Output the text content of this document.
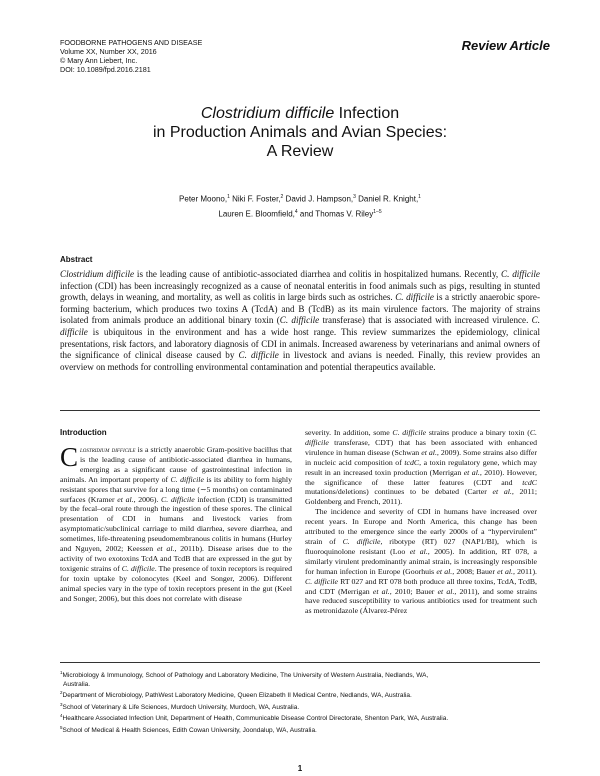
FOODBORNE PATHOGENS AND DISEASE
Volume XX, Number XX, 2016
© Mary Ann Liebert, Inc.
DOI: 10.1089/fpd.2016.2181
Review Article
Clostridium difficile Infection
in Production Animals and Avian Species:
A Review
Peter Moono,$^1$ Niki F. Foster,$^2$ David J. Hampson,$^3$ Daniel R. Knight,$^1$
Lauren E. Bloomfield,$^4$ and Thomas V. Riley$^{1-5}$
Abstract
Clostridium difficile is the leading cause of antibiotic-associated diarrhea and colitis in hospitalized humans. Recently, C. difficile infection (CDI) has been increasingly recognized as a cause of neonatal enteritis in food animals such as pigs, resulting in stunted growth, delays in weaning, and mortality, as well as colitis in large birds such as ostriches. C. difficile is a strictly anaerobic spore-forming bacterium, which produces two toxins A (TcdA) and B (TcdB) as its main virulence factors. The majority of strains isolated from animals produce an additional binary toxin (C. difficile transferase) that is associated with increased virulence. C. difficile is ubiquitous in the environment and has a wide host range. This review summarizes the epidemiology, clinical presentations, risk factors, and laboratory diagnosis of CDI in animals. Increased awareness by veterinarians and animal owners of the significance of clinical disease caused by C. difficile in livestock and avians is needed. Finally, this review provides an overview on methods for controlling environmental contamination and potential therapeutics available.
Introduction

Clostridium difficile is a strictly anaerobic Gram-positive bacillus that is the leading cause of antibiotic-associated diarrhea in humans, emerging as a significant cause of gastrointestinal infection in animals. An important property of C. difficile is its ability to form highly resistant spores that survive for a long time (∼5 months) on contaminated surfaces (Kramer et al., 2006). C. difficile infection (CDI) is transmitted by the fecal–oral route through the ingestion of these spores. The clinical presentation of CDI in humans and livestock varies from asymptomatic/subclinical carriage to mild diarrhea, severe diarrhea, and sometimes, life-threatening pseudomembranous colitis in humans (Hurley and Nguyen, 2002; Keessen et al., 2011b). Disease arises due to the activity of two exotoxins TcdA and TcdB that are expressed in the gut by toxigenic strains of C. difficile. The presence of toxin receptors is required for toxin uptake by colonocytes (Keel and Songer, 2006). Different animal species vary in the type of toxin receptors present in the gut (Keel and Songer, 2006), but this does not correlate with disease

severity. In addition, some C. difficile strains produce a binary toxin (C. difficile transferase, CDT) that has been associated with enhanced virulence in human disease (Schwan et al., 2009). Some strains also differ in nucleic acid composition of tcdC, a toxin regulatory gene, which may result in an increased toxin production (Merrigan et al., 2010). However, the significance of these latter features (CDT and tcdC mutations/deletions) continues to be debated (Carter et al., 2011; Goldenberg and French, 2011).

The incidence and severity of CDI in humans have increased over recent years. In Europe and North America, this change has been attributed to the emergence since the early 2000s of a “hypervirulent” strain of C. difficile, ribotype (RT) 027 (NAP1/BI), which is fluoroquinolone resistant (Loo et al., 2005). In addition, RT 078, a similarly virulent predominantly animal strain, is increasingly responsible for human infection in Europe (Goorhuis et al., 2008; Bauer et al., 2011). C. difficile RT 027 and RT 078 both produce all three toxins, TcdA, TcdB, and CDT (Merrigan et al., 2010; Bauer et al., 2011), and some strains have reduced susceptibility to various antibiotics used for treatment such as metronidazole (Álvarez-Pérez

$^1$Microbiology & Immunology, School of Pathology and Laboratory Medicine, The University of Western Australia, Nedlands, WA,
Australia.
$^2$Department of Microbiology, PathWest Laboratory Medicine, Queen Elizabeth II Medical Centre, Nedlands, WA, Australia.
$^3$School of Veterinary & Life Sciences, Murdoch University, Murdoch, WA, Australia.
$^4$Healthcare Associated Infection Unit, Department of Health, Communicable Disease Control Directorate, Shenton Park, WA, Australia.
$^5$School of Medical & Health Sciences, Edith Cowan University, Joondalup, WA, Australia.
1
